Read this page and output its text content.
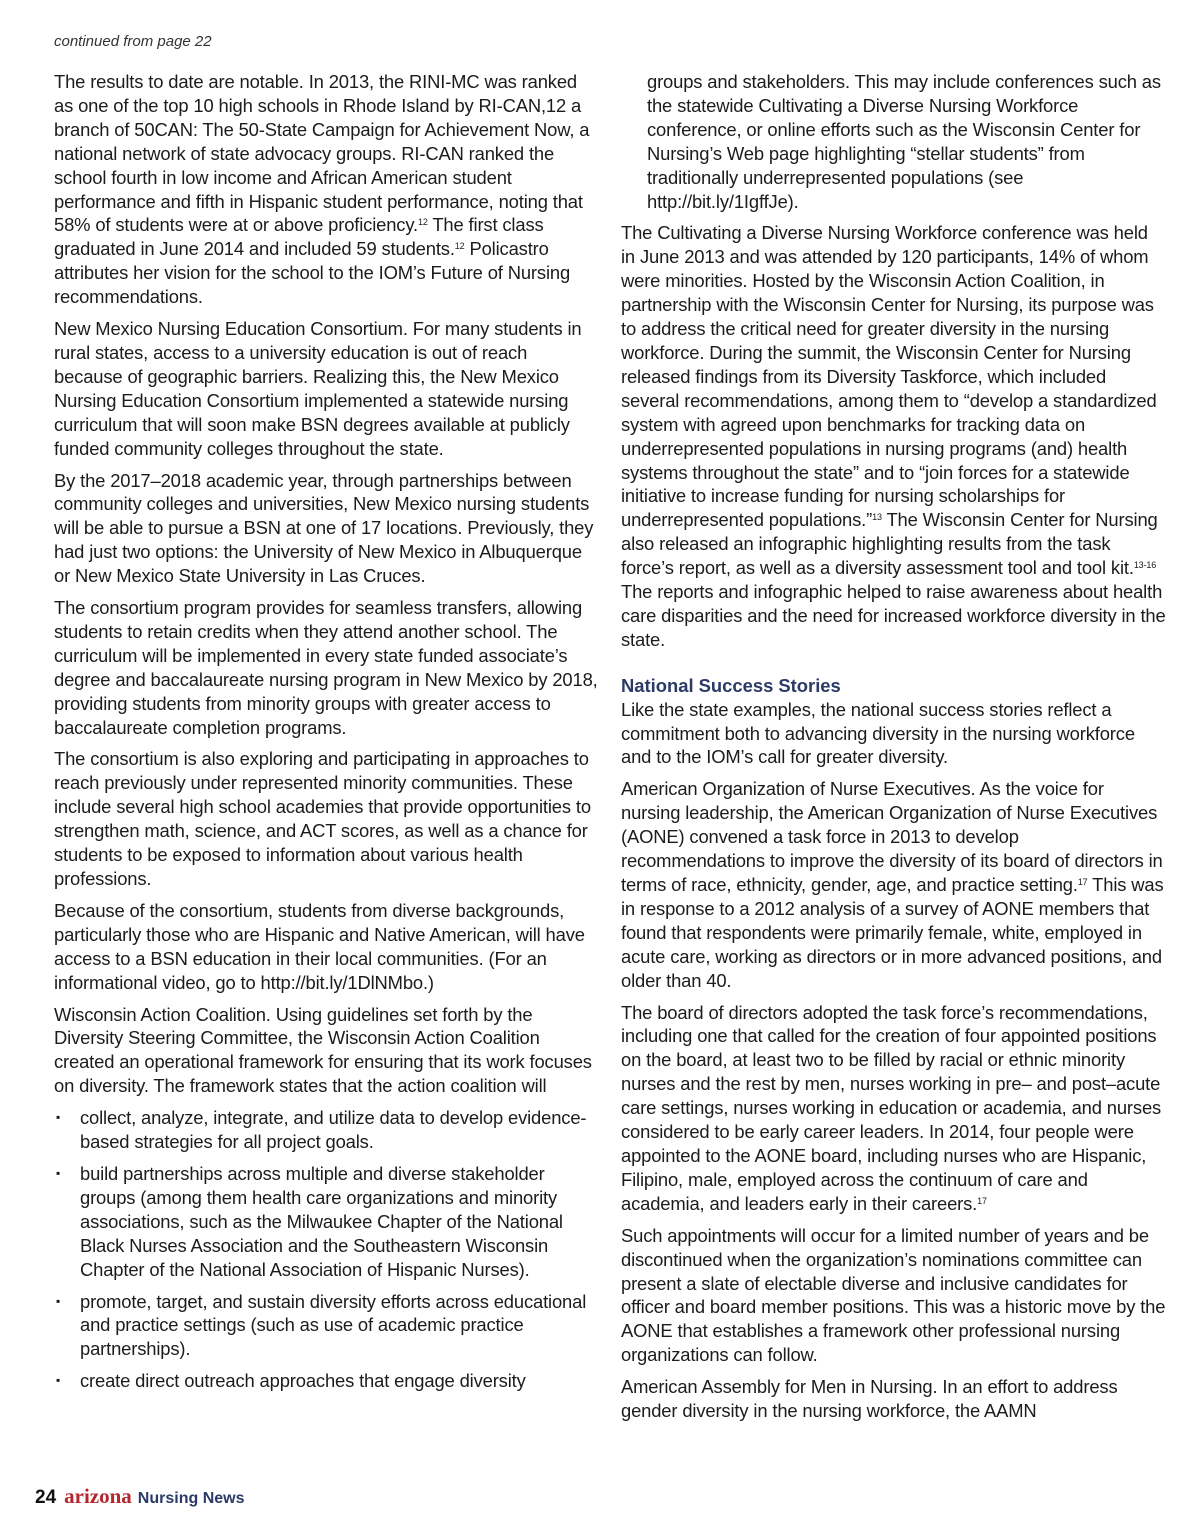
continued from page 22

The results to date are notable. In 2013, the RINI-MC was ranked as one of the top 10 high schools in Rhode Island by RI-CAN,12 a branch of 50CAN: The 50-State Campaign for Achievement Now, a national network of state advocacy groups. RI-CAN ranked the school fourth in low income and African American student performance and fifth in Hispanic student performance, noting that 58% of students were at or above proficiency.$^{12}$ The first class graduated in June 2014 and included 59 students.$^{12}$ Policastro attributes her vision for the school to the IOM’s Future of Nursing recommendations.

New Mexico Nursing Education Consortium. For many students in rural states, access to a university education is out of reach because of geographic barriers. Realizing this, the New Mexico Nursing Education Consortium implemented a statewide nursing curriculum that will soon make BSN degrees available at publicly funded community colleges throughout the state.

By the 2017–2018 academic year, through partnerships between community colleges and universities, New Mexico nursing students will be able to pursue a BSN at one of 17 locations. Previously, they had just two options: the University of New Mexico in Albuquerque or New Mexico State University in Las Cruces.

The consortium program provides for seamless transfers, allowing students to retain credits when they attend another school. The curriculum will be implemented in every state funded associate’s degree and baccalaureate nursing program in New Mexico by 2018, providing students from minority groups with greater access to baccalaureate completion programs.

The consortium is also exploring and participating in approaches to reach previously under represented minority communities. These include several high school academies that provide opportunities to strengthen math, science, and ACT scores, as well as a chance for students to be exposed to information about various health professions.

Because of the consortium, students from diverse backgrounds, particularly those who are Hispanic and Native American, will have access to a BSN education in their local communities. (For an informational video, go to http://bit.ly/1DlNMbo.)

Wisconsin Action Coalition. Using guidelines set forth by the Diversity Steering Committee, the Wisconsin Action Coalition created an operational framework for ensuring that its work focuses on diversity. The framework states that the action coalition will

▪ collect, analyze, integrate, and utilize data to develop evidence-based strategies for all project goals.
▪ build partnerships across multiple and diverse stakeholder groups (among them health care organizations and minority associations, such as the Milwaukee Chapter of the National Black Nurses Association and the Southeastern Wisconsin Chapter of the National Association of Hispanic Nurses).
▪ promote, target, and sustain diversity efforts across educational and practice settings (such as use of academic practice partnerships).
▪ create direct outreach approaches that engage diversity

groups and stakeholders. This may include conferences such as the statewide Cultivating a Diverse Nursing Workforce conference, or online efforts such as the Wisconsin Center for Nursing’s Web page highlighting “stellar students” from traditionally underrepresented populations (see http://bit.ly/1IgffJe).

The Cultivating a Diverse Nursing Workforce conference was held in June 2013 and was attended by 120 participants, 14% of whom were minorities. Hosted by the Wisconsin Action Coalition, in partnership with the Wisconsin Center for Nursing, its purpose was to address the critical need for greater diversity in the nursing workforce. During the summit, the Wisconsin Center for Nursing released findings from its Diversity Taskforce, which included several recommendations, among them to “develop a standardized system with agreed upon benchmarks for tracking data on underrepresented populations in nursing programs (and) health systems throughout the state” and to “join forces for a statewide initiative to increase funding for nursing scholarships for underrepresented populations.”$^{13}$ The Wisconsin Center for Nursing also released an infographic highlighting results from the task force’s report, as well as a diversity assessment tool and tool kit.$^{13-16}$ The reports and infographic helped to raise awareness about health care disparities and the need for increased workforce diversity in the state.

National Success Stories

Like the state examples, the national success stories reflect a commitment both to advancing diversity in the nursing workforce and to the IOM’s call for greater diversity.

American Organization of Nurse Executives. As the voice for nursing leadership, the American Organization of Nurse Executives (AONE) convened a task force in 2013 to develop recommendations to improve the diversity of its board of directors in terms of race, ethnicity, gender, age, and practice setting.$^{17}$ This was in response to a 2012 analysis of a survey of AONE members that found that respondents were primarily female, white, employed in acute care, working as directors or in more advanced positions, and older than 40.

The board of directors adopted the task force’s recommendations, including one that called for the creation of four appointed positions on the board, at least two to be filled by racial or ethnic minority nurses and the rest by men, nurses working in pre– and post–acute care settings, nurses working in education or academia, and nurses considered to be early career leaders. In 2014, four people were appointed to the AONE board, including nurses who are Hispanic, Filipino, male, employed across the continuum of care and academia, and leaders early in their careers.$^{17}$

Such appointments will occur for a limited number of years and be discontinued when the organization’s nominations committee can present a slate of electable diverse and inclusive candidates for officer and board member positions. This was a historic move by the AONE that establishes a framework other professional nursing organizations can follow.

American Assembly for Men in Nursing. In an effort to address gender diversity in the nursing workforce, the AAMN

24 arizona Nursing News
